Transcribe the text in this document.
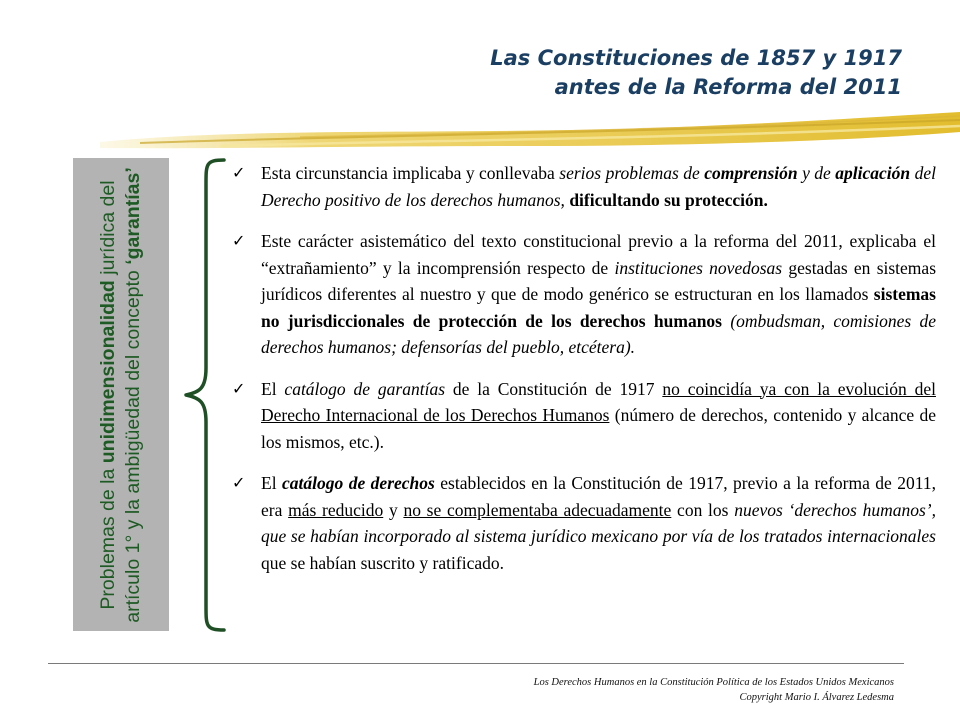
Las Constituciones de 1857 y 1917
antes de la Reforma del 2011
Problemas de la unidimensionalidad jurídica del artículo 1° y la ambigüedad del concepto ‘garantías’	✓ Esta circunstancia implicaba y conllevaba serios problemas de comprensión y de aplicación del Derecho positivo de los derechos humanos, dificultando su protección.
✓ Este carácter asistemático del texto constitucional previo a la reforma del 2011, explicaba el “extrañamiento” y la incomprensión respecto de instituciones novedosas gestadas en sistemas jurídicos diferentes al nuestro y que de modo genérico se estructuran en los llamados sistemas no jurisdiccionales de protección de los derechos humanos (ombudsman, comisiones de derechos humanos; defensorías del pueblo, etcétera).
✓ El catálogo de garantías de la Constitución de 1917 no coincidía ya con la evolución del Derecho Internacional de los Derechos Humanos (número de derechos, contenido y alcance de los mismos, etc.).
✓ El catálogo de derechos establecidos en la Constitución de 1917, previo a la reforma de 2011, era más reducido y no se complementaba adecuadamente con los nuevos ‘derechos humanos’, que se habían incorporado al sistema jurídico mexicano por vía de los tratados internacionales que se habían suscrito y ratificado.
Los Derechos Humanos en la Constitución Política de los Estados Unidos Mexicanos
Copyright Mario I. Álvarez Ledesma
